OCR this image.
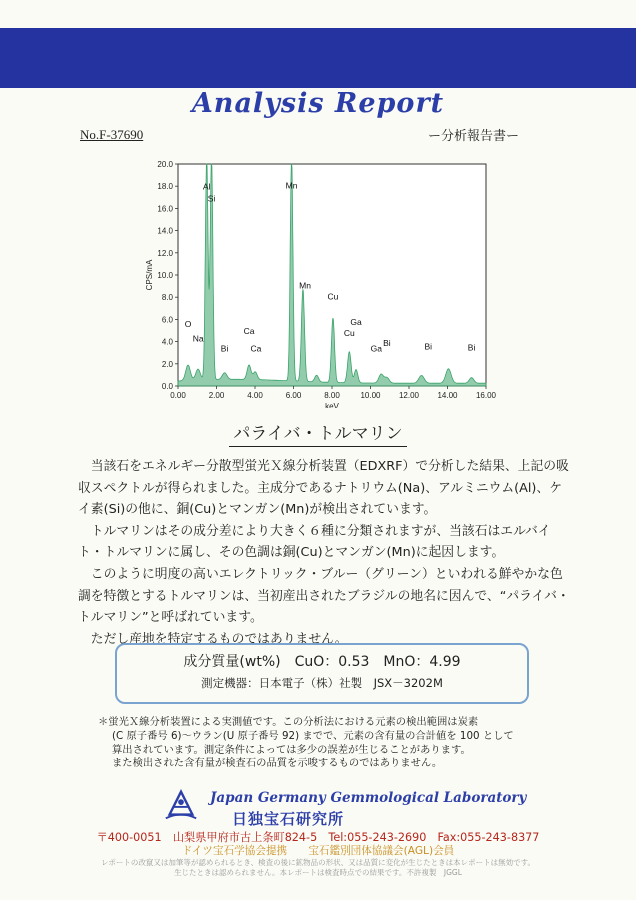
Analysis Report
No.F-37690	ー分析報告書ー
0.00	2.00	4.00	6.00	8.00	10.00 12.00 14.00 16.00
0.0
2.0
4.0
6.0
8.0
10.0
12.0
14.0
16.0
18.0
20.0
keV
CPS/mA
Al
Si
O
Na
Bi
Ca
Ca
Mn
Mn
Cu
Ga
Cu
Ga
Bi	Bi	Bi
パライバ・トルマリン

当該石をエネルギー分散型蛍光Ｘ線分析装置（EDXRF）で分析した結果、上記の吸収スペクトルが得られました。主成分であるナトリウム(Na)、アルミニウム(Al)、ケイ素(Si)の他に、銅(Cu)とマンガン(Mn)が検出されています。

トルマリンはその成分差により大きく６種に分類されますが、当該石はエルバイト・トルマリンに属し、その色調は銅(Cu)とマンガン(Mn)に起因します。

このように明度の高いエレクトリック・ブルー（グリーン）といわれる鮮やかな色調を特徴とするトルマリンは、当初産出されたブラジルの地名に因んで、“パライバ・トルマリン”と呼ばれています。

ただし産地を特定するものではありません。

成分質量(wt%)　CuO：0.53　MnO：4.99
測定機器：日本電子（株）社製　JSX－3202M
＊蛍光Ｘ線分析装置による実測値です。この分析法における元素の検出範囲は炭素
(C 原子番号 6)～ウラン(U 原子番号 92) までで、元素の含有量の合計値を 100 として
算出されています。測定条件によっては多少の誤差が生じることがあります。
また検出された含有量が検査石の品質を示唆するものではありません。
Japan Germany Gemmological Laboratory
日独宝石研究所
〒400-0051　山梨県甲府市古上条町824-5　Tel:055-243-2690　Fax:055-243-8377
ドイツ宝石学協会提携　　宝石鑑別団体協議会(AGL)会員
レポートの改竄又は加筆等が認められるとき、検査の後に鉱物品の形状、又は品質に変化が生じたときは本レポートは無効です。
生じたときは認められません。本レポートは検査時点での結果です。不許複製　JGGL
